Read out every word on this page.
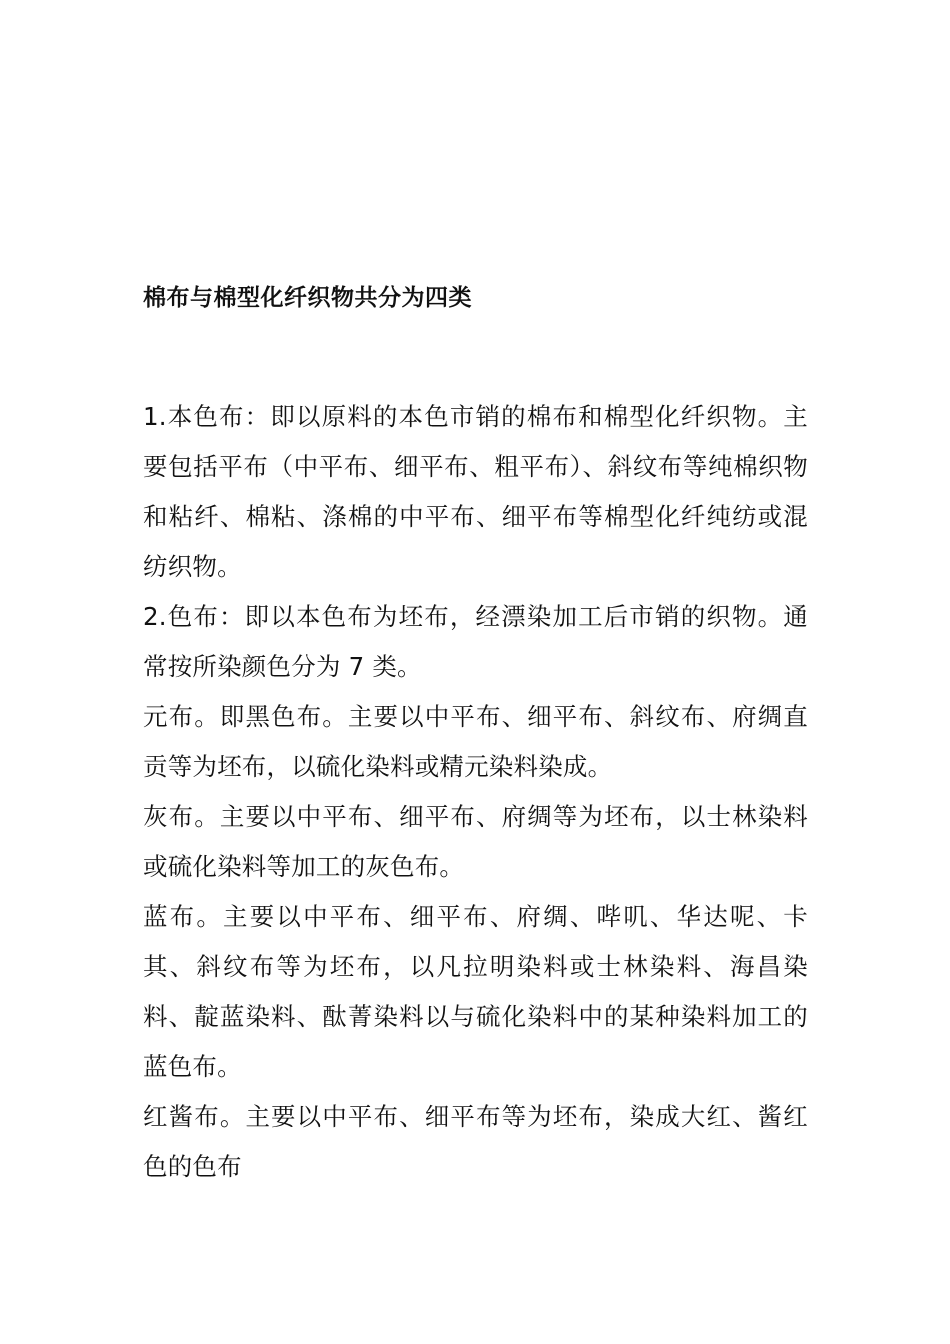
棉布与棉型化纤织物共分为四类

1.本色布：即以原料的本色市销的棉布和棉型化纤织物。主要包括平布（中平布、细平布、粗平布）、斜纹布等纯棉织物和粘纤、棉粘、涤棉的中平布、细平布等棉型化纤纯纺或混纺织物。

2.色布：即以本色布为坯布，经漂染加工后市销的织物。通常按所染颜色分为 7 类。

元布。即黑色布。主要以中平布、细平布、斜纹布、府绸直贡等为坯布，以硫化染料或精元染料染成。

灰布。主要以中平布、细平布、府绸等为坯布，以士林染料或硫化染料等加工的灰色布。

蓝布。主要以中平布、细平布、府绸、哔叽、华达呢、卡其、斜纹布等为坯布，以凡拉明染料或士林染料、海昌染料、靛蓝染料、酞菁染料以与硫化染料中的某种染料加工的蓝色布。

红酱布。主要以中平布、细平布等为坯布，染成大红、酱红色的色布
